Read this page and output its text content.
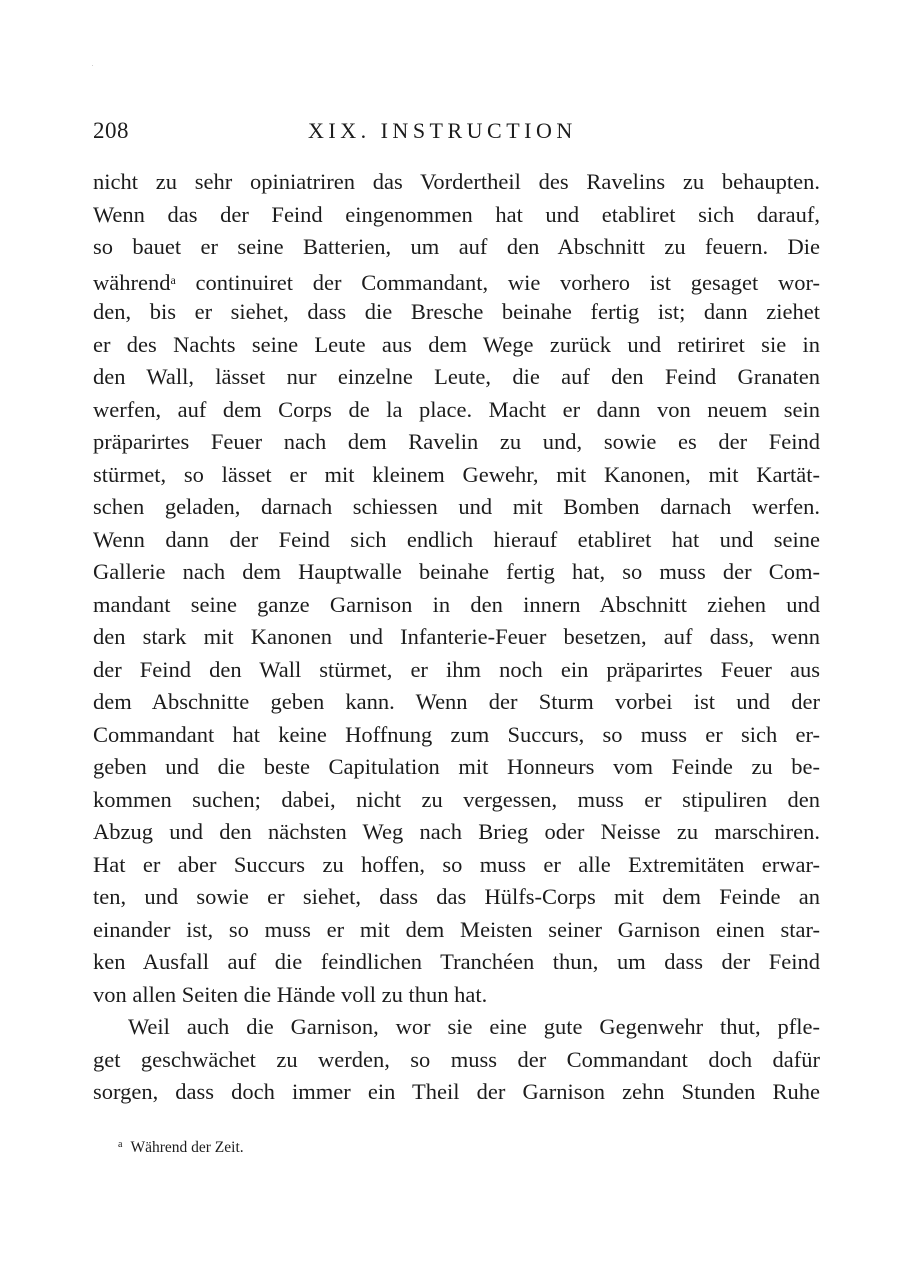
208	XIX. INSTRUCTION
nicht zu sehr opiniatriren das Vordertheil des Ravelins zu behaupten.
Wenn das der Feind eingenommen hat und etabliret sich darauf,
so bauet er seine Batterien, um auf den Abschnitt zu feuern. Die
während$^a$ continuiret der Commandant, wie vorhero ist gesaget wor-
den, bis er siehet, dass die Bresche beinahe fertig ist; dann ziehet
er des Nachts seine Leute aus dem Wege zurück und retiriret sie in
den Wall, lässet nur einzelne Leute, die auf den Feind Granaten
werfen, auf dem Corps de la place. Macht er dann von neuem sein
präparirtes Feuer nach dem Ravelin zu und, sowie es der Feind
stürmet, so lässet er mit kleinem Gewehr, mit Kanonen, mit Kartät-
schen geladen, darnach schiessen und mit Bomben darnach werfen.
Wenn dann der Feind sich endlich hierauf etabliret hat und seine
Gallerie nach dem Hauptwalle beinahe fertig hat, so muss der Com-
mandant seine ganze Garnison in den innern Abschnitt ziehen und
den stark mit Kanonen und Infanterie-Feuer besetzen, auf dass, wenn
der Feind den Wall stürmet, er ihm noch ein präparirtes Feuer aus
dem Abschnitte geben kann. Wenn der Sturm vorbei ist und der
Commandant hat keine Hoffnung zum Succurs, so muss er sich er-
geben und die beste Capitulation mit Honneurs vom Feinde zu be-
kommen suchen; dabei, nicht zu vergessen, muss er stipuliren den
Abzug und den nächsten Weg nach Brieg oder Neisse zu marschiren.
Hat er aber Succurs zu hoffen, so muss er alle Extremitäten erwar-
ten, und sowie er siehet, dass das Hülfs-Corps mit dem Feinde an
einander ist, so muss er mit dem Meisten seiner Garnison einen star-
ken Ausfall auf die feindlichen Tranchéen thun, um dass der Feind
von allen Seiten die Hände voll zu thun hat.
Weil auch die Garnison, wor sie eine gute Gegenwehr thut, pfle-
get geschwächet zu werden, so muss der Commandant doch dafür
sorgen, dass doch immer ein Theil der Garnison zehn Stunden Ruhe
$^a$ Während der Zeit.
